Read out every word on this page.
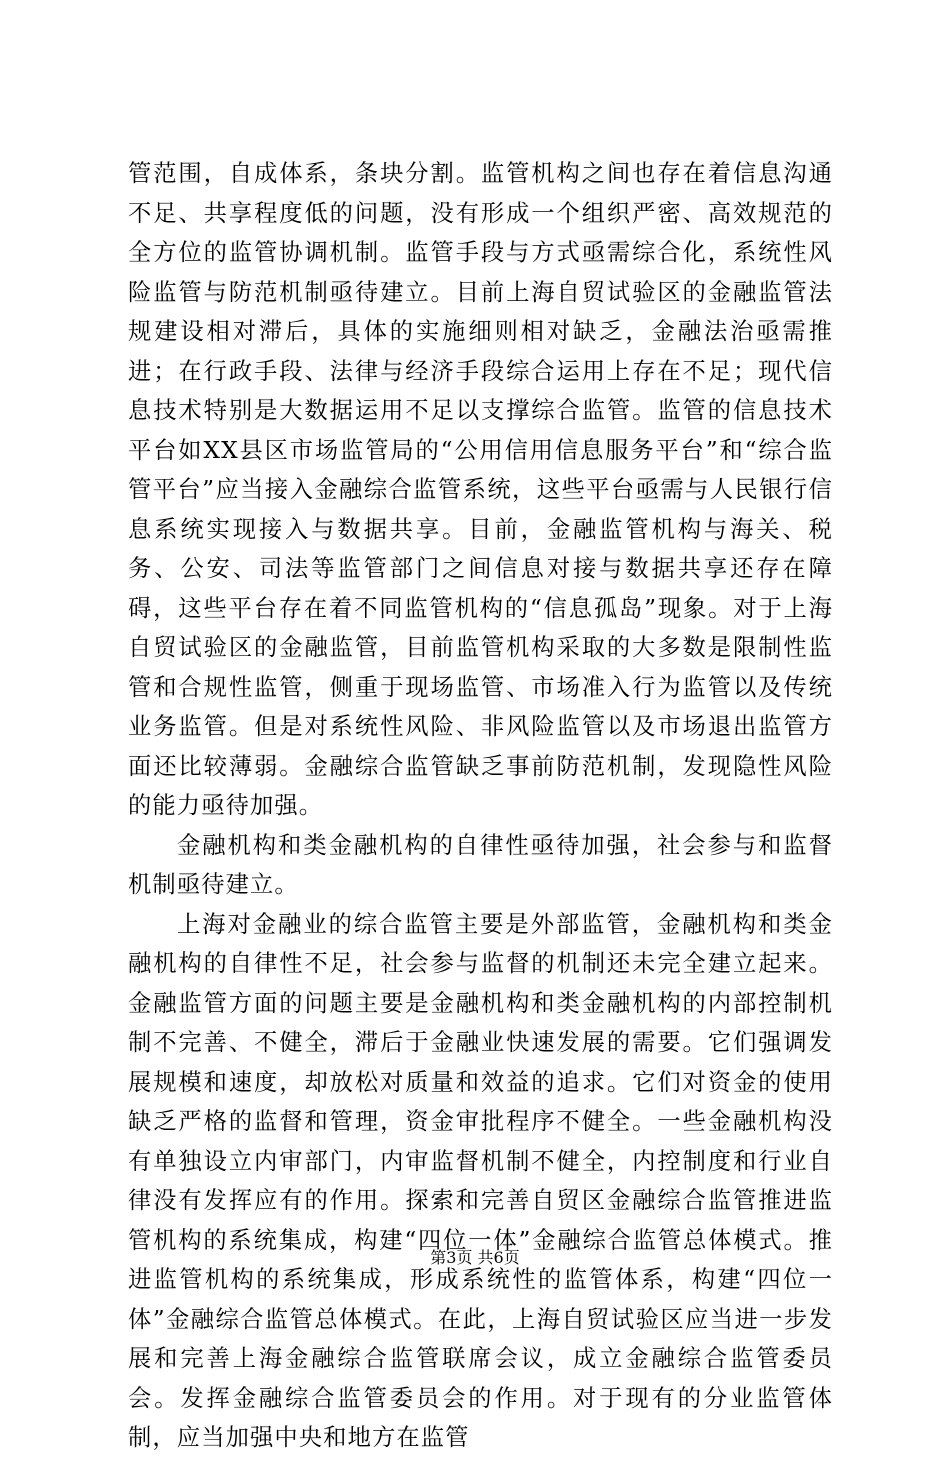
管范围，自成体系，条块分割。监管机构之间也存在着信息沟通不足、共享程度低的问题，没有形成一个组织严密、高效规范的全方位的监管协调机制。监管手段与方式亟需综合化，系统性风险监管与防范机制亟待建立。目前上海自贸试验区的金融监管法规建设相对滞后，具体的实施细则相对缺乏，金融法治亟需推进；在行政手段、法律与经济手段综合运用上存在不足；现代信息技术特别是大数据运用不足以支撑综合监管。监管的信息技术平台如XX县区市场监管局的“公用信用信息服务平台”和“综合监管平台”应当接入金融综合监管系统，这些平台亟需与人民银行信息系统实现接入与数据共享。目前，金融监管机构与海关、税务、公安、司法等监管部门之间信息对接与数据共享还存在障碍，这些平台存在着不同监管机构的“信息孤岛”现象。对于上海自贸试验区的金融监管，目前监管机构采取的大多数是限制性监管和合规性监管，侧重于现场监管、市场准入行为监管以及传统业务监管。但是对系统性风险、非风险监管以及市场退出监管方面还比较薄弱。金融综合监管缺乏事前防范机制，发现隐性风险的能力亟待加强。

金融机构和类金融机构的自律性亟待加强，社会参与和监督机制亟待建立。

上海对金融业的综合监管主要是外部监管，金融机构和类金融机构的自律性不足，社会参与监督的机制还未完全建立起来。金融监管方面的问题主要是金融机构和类金融机构的内部控制机制不完善、不健全，滞后于金融业快速发展的需要。它们强调发展规模和速度，却放松对质量和效益的追求。它们对资金的使用缺乏严格的监督和管理，资金审批程序不健全。一些金融机构没有单独设立内审部门，内审监督机制不健全，内控制度和行业自律没有发挥应有的作用。探索和完善自贸区金融综合监管推进监管机构的系统集成，构建“四位一体”金融综合监管总体模式。推进监管机构的系统集成，形成系统性的监管体系，构建“四位一体”金融综合监管总体模式。在此，上海自贸试验区应当进一步发展和完善上海金融综合监管联席会议，成立金融综合监管委员会。发挥金融综合监管委员会的作用。对于现有的分业监管体制，应当加强中央和地方在监管

第3页 共6页
